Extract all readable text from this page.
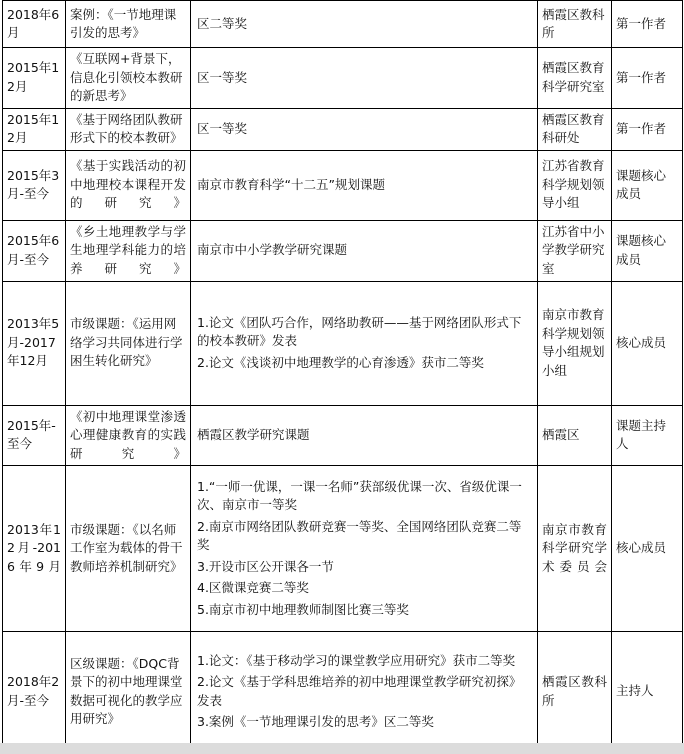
2018年6月	案例：《一节地理课引发的思考》	区二等奖	栖霞区教科所	第一作者
2015年12月	《互联网+背景下，信息化引领校本教研的新思考》	区一等奖	栖霞区教育科学研究室	第一作者
2015年12月	《基于网络团队教研形式下的校本教研》	区一等奖	栖霞区教育科研处	第一作者
2015年3月-至今	《基于实践活动的初中地理校本课程开发的研究》	南京市教育科学“十二五”规划课题	江苏省教育科学规划领导小组	课题核心成员
2015年6月-至今	《乡土地理教学与学生地理学科能力的培养研究》	南京市中小学教学研究课题	江苏省中小学教学研究室	课题核心成员
2013年5月-2017年12月	市级课题：《运用网络学习共同体进行学困生转化研究》	1.论文《团队巧合作，网络助教研——基于网络团队形式下的校本教研》发表
2.论文《浅谈初中地理教学的心育渗透》获市二等奖	南京市教育科学规划领导小组规划小组	核心成员
2015年-至今	《初中地理课堂渗透心理健康教育的实践研究》	栖霞区教学研究课题	栖霞区	课题主持人
2013年12月-2016年9月	市级课题：《以名师工作室为载体的骨干教师培养机制研究》	1.“一师一优课，一课一名师”获部级优课一次、省级优课一次、南京市一等奖
2.南京市网络团队教研竞赛一等奖、全国网络团队竞赛二等奖
3.开设市区公开课各一节
4.区微课竞赛二等奖
5.南京市初中地理教师制图比赛三等奖	南京市教育科学研究学术委员会	核心成员
2018年2月-至今	区级课题：《DQC背景下的初中地理课堂数据可视化的教学应用研究》	1.论文：《基于移动学习的课堂教学应用研究》获市二等奖
2.论文《基于学科思维培养的初中地理课堂教学研究初探》发表
3.案例《一节地理课引发的思考》区二等奖	栖霞区教科所	主持人
